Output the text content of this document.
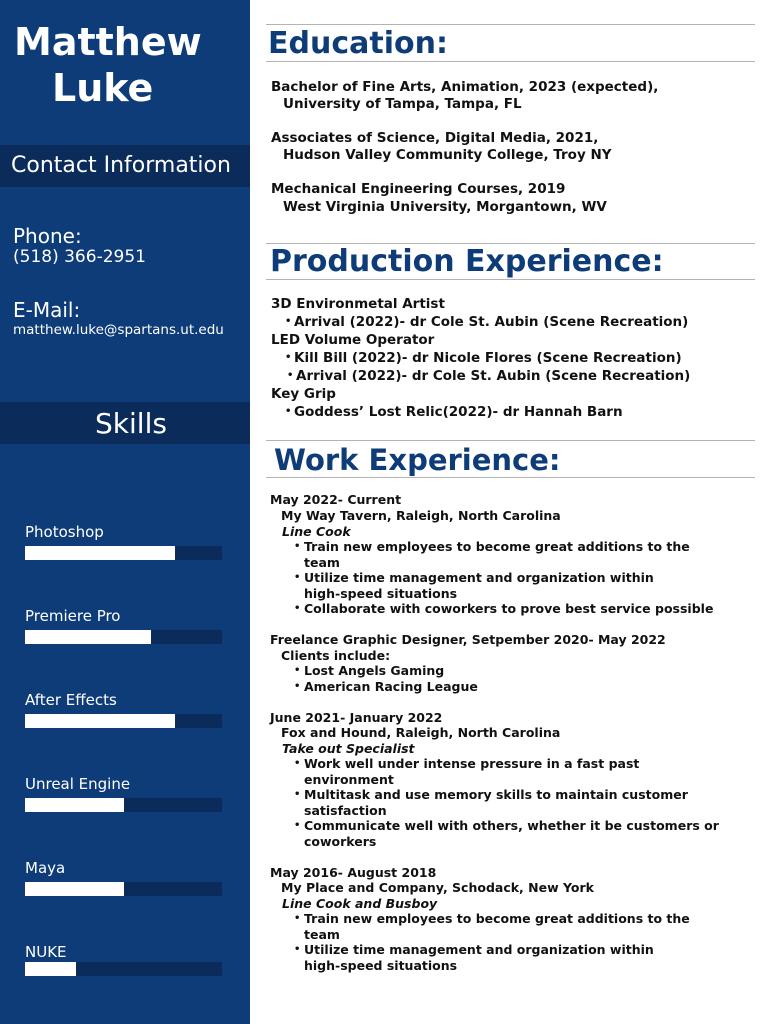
Matthew
Luke
Contact Information
Phone:
(518) 366-2951
E-Mail:
matthew.luke@spartans.ut.edu
Skills
Photoshop
Premiere Pro
After Effects
Unreal Engine
Maya
NUKE
Education:
Bachelor of Fine Arts, Animation, 2023 (expected),
University of Tampa, Tampa, FL
Associates of Science, Digital Media, 2021,
Hudson Valley Community College, Troy NY
Mechanical Engineering Courses, 2019
West Virginia University, Morgantown, WV
Production Experience:
3D Environmetal Artist
• Arrival (2022)- dr Cole St. Aubin (Scene Recreation)
LED Volume Operator
• Kill Bill (2022)- dr Nicole Flores (Scene Recreation)
• Arrival (2022)- dr Cole St. Aubin (Scene Recreation)
Key Grip
• Goddess’ Lost Relic(2022)- dr Hannah Barn
Work Experience:
May 2022- Current
My Way Tavern, Raleigh, North Carolina
Line Cook
• Train new employees to become great additions to the
team
• Utilize time management and organization within
high-speed situations
• Collaborate with coworkers to prove best service possible
Freelance Graphic Designer, Setpember 2020- May 2022
Clients include:
• Lost Angels Gaming
• American Racing League
June 2021- January 2022
Fox and Hound, Raleigh, North Carolina
Take out Specialist
• Work well under intense pressure in a fast past
environment
• Multitask and use memory skills to maintain customer
satisfaction
• Communicate well with others, whether it be customers or
coworkers
May 2016- August 2018
My Place and Company, Schodack, New York
Line Cook and Busboy
• Train new employees to become great additions to the
team
• Utilize time management and organization within
high-speed situations
